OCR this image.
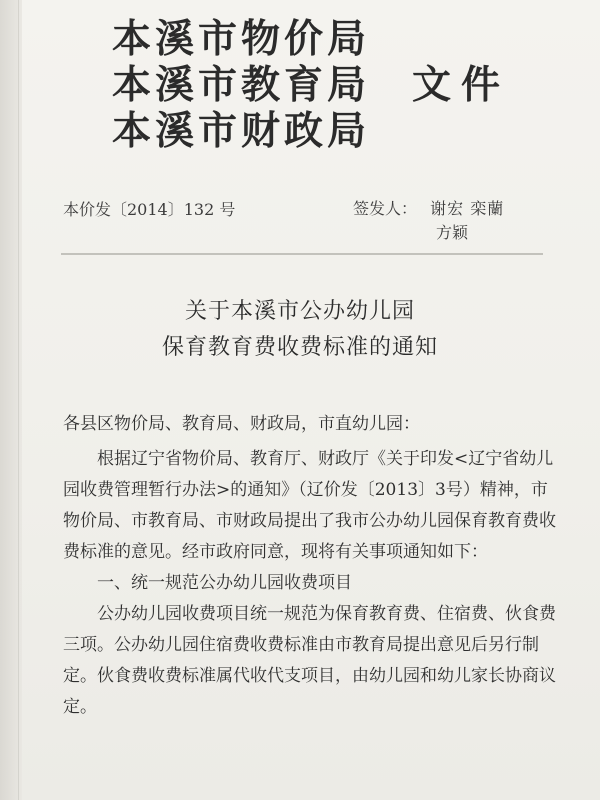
本溪市物价局
本溪市教育局
本溪市财政局
文件
本价发〔2014〕132 号	签发人： 谢宏 栾蘭
方颖
关于本溪市公办幼儿园
保育教育费收费标准的通知
各县区物价局、教育局、财政局，市直幼儿园：

根据辽宁省物价局、教育厅、财政厅《关于印发<辽宁省幼儿园收费管理暂行办法>的通知》（辽价发〔2013〕3号）精神，市物价局、市教育局、市财政局提出了我市公办幼儿园保育教育费收费标准的意见。经市政府同意，现将有关事项通知如下：

一、统一规范公办幼儿园收费项目

公办幼儿园收费项目统一规范为保育教育费、住宿费、伙食费三项。公办幼儿园住宿费收费标准由市教育局提出意见后另行制定。伙食费收费标准属代收代支项目，由幼儿园和幼儿家长协商议定。
